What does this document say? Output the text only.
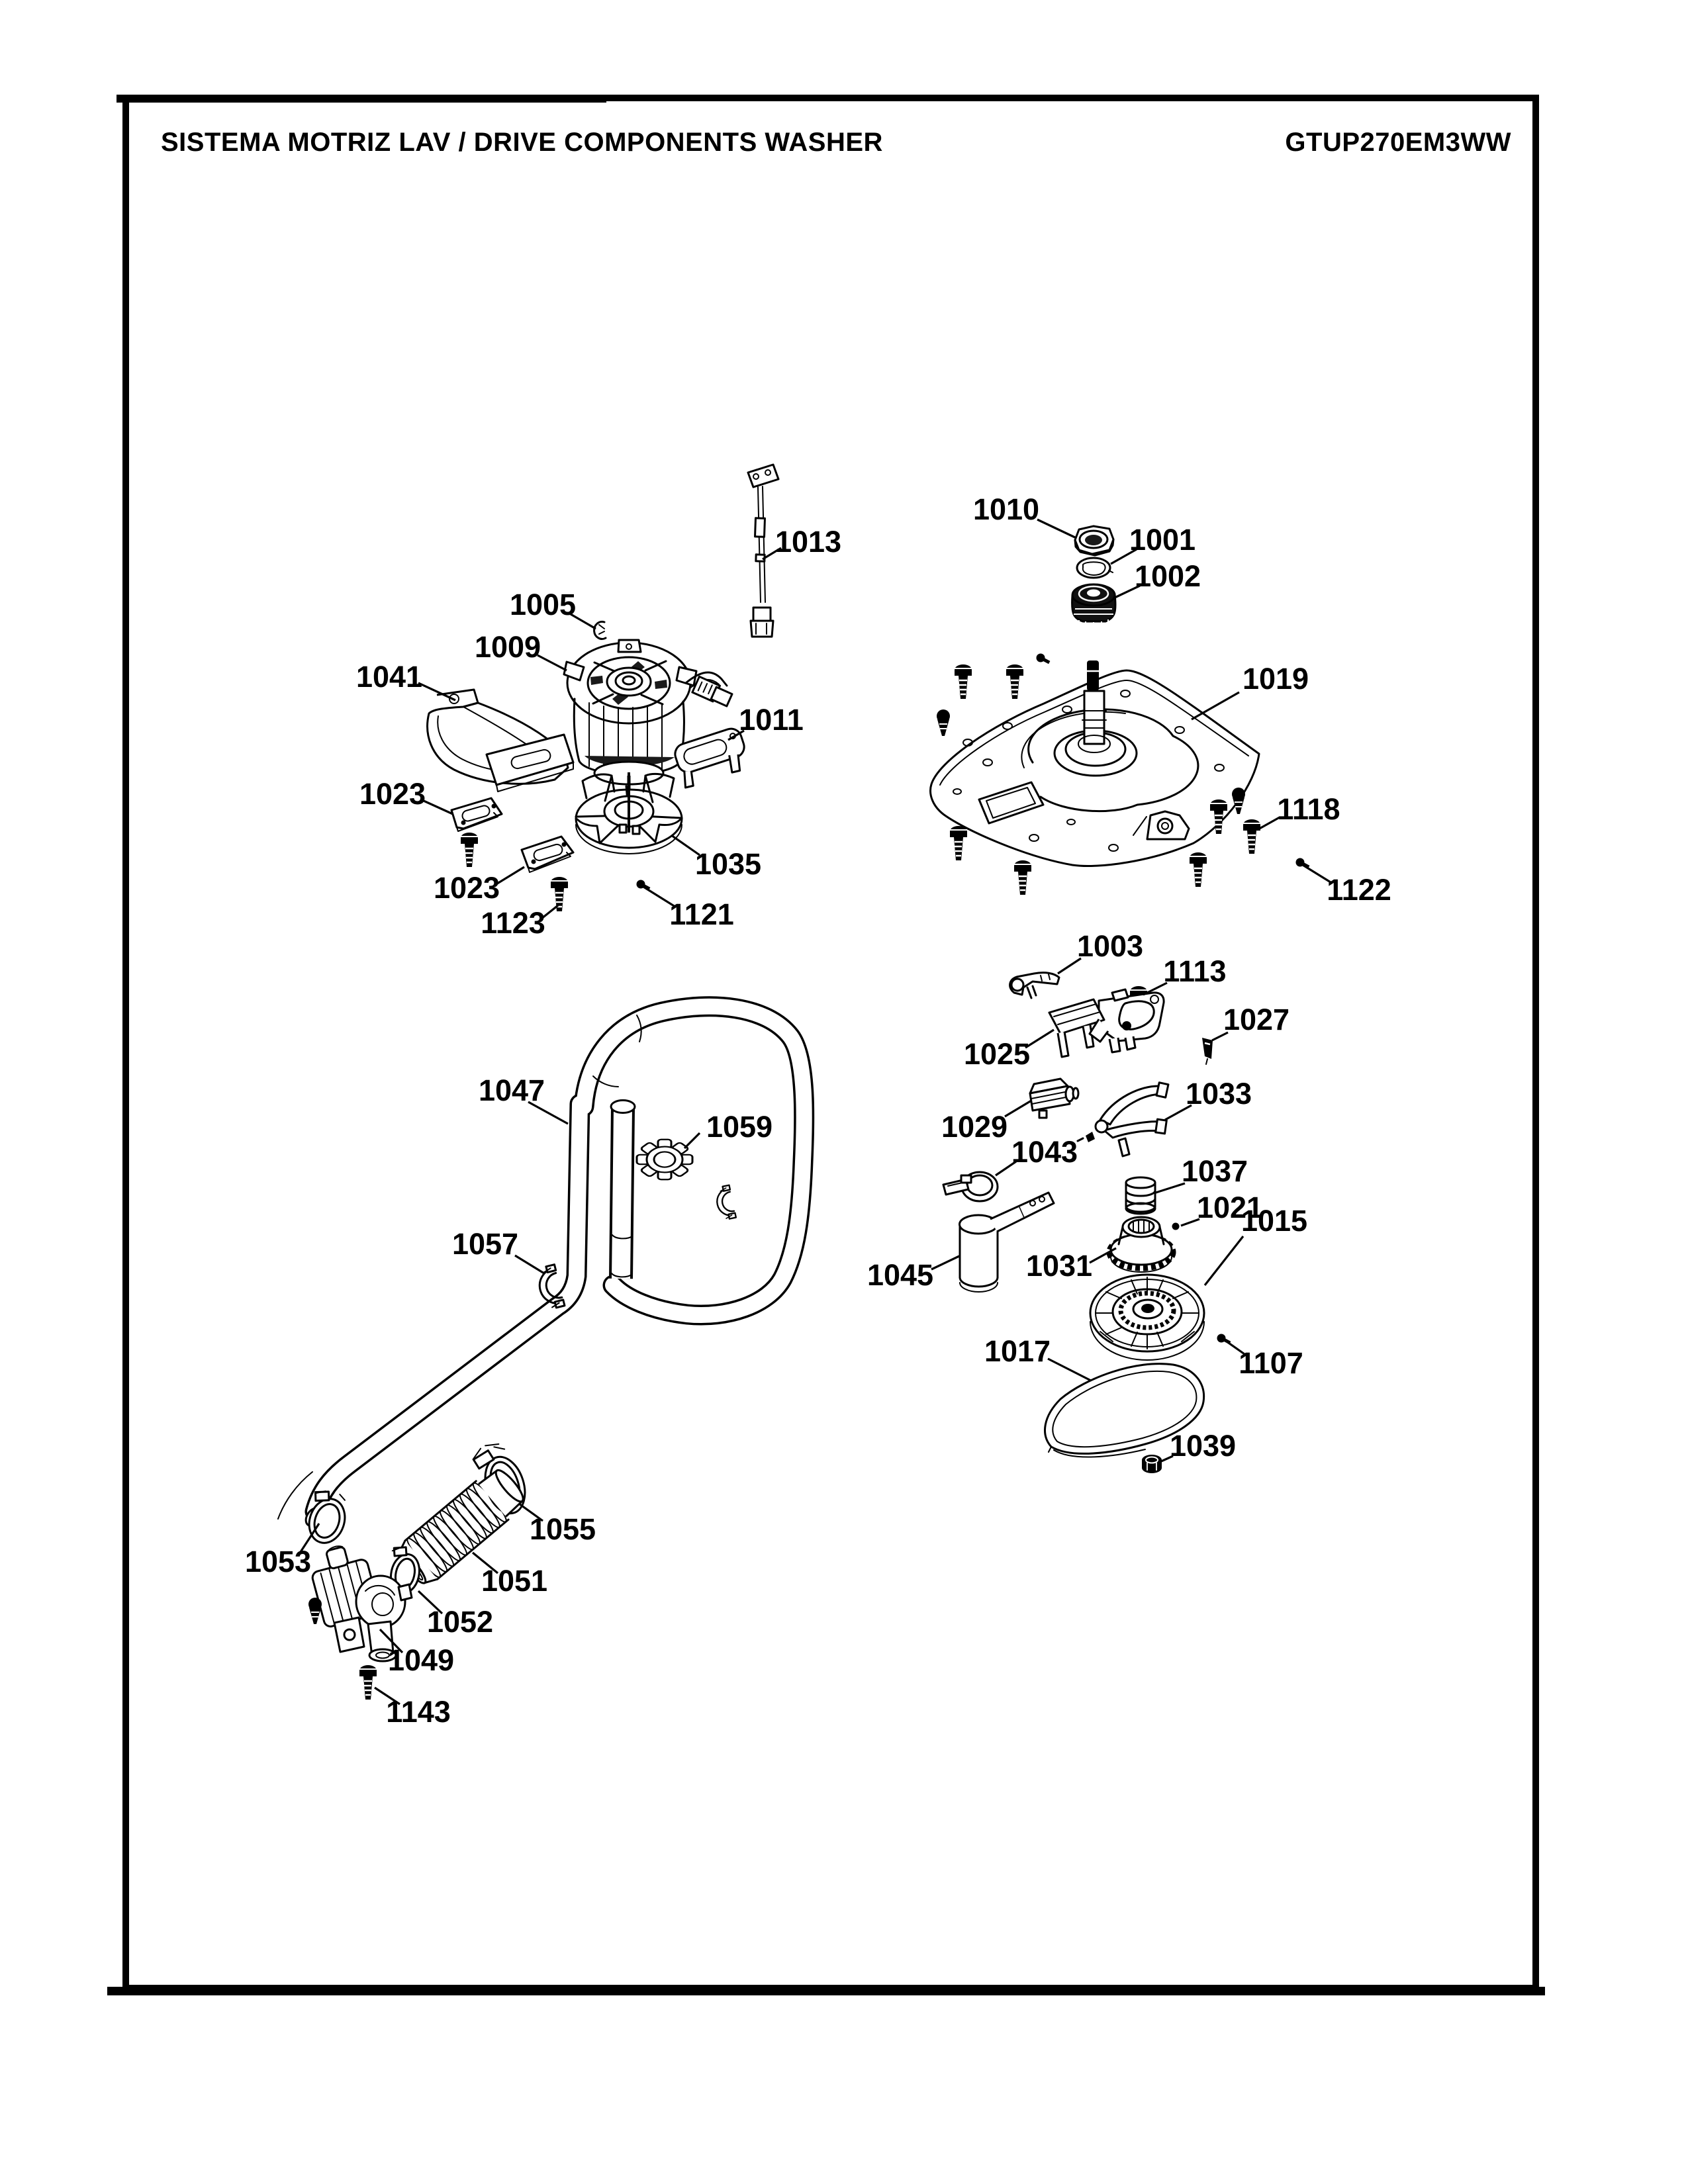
SISTEMA MOTRIZ LAV / DRIVE COMPONENTS WASHER	GTUP270EM3WW
1013
1005
1009
1041
1011
1023
1035
1023
1121
1123
1010
1001
1002
1019
1118
1122
1003
1113
1025
1027
1029
1033
1043
1037
1021
1031
1045
1015
1017	1107
1039
1047
1059
1057
1053
1055
1051
1052
1049
1143
